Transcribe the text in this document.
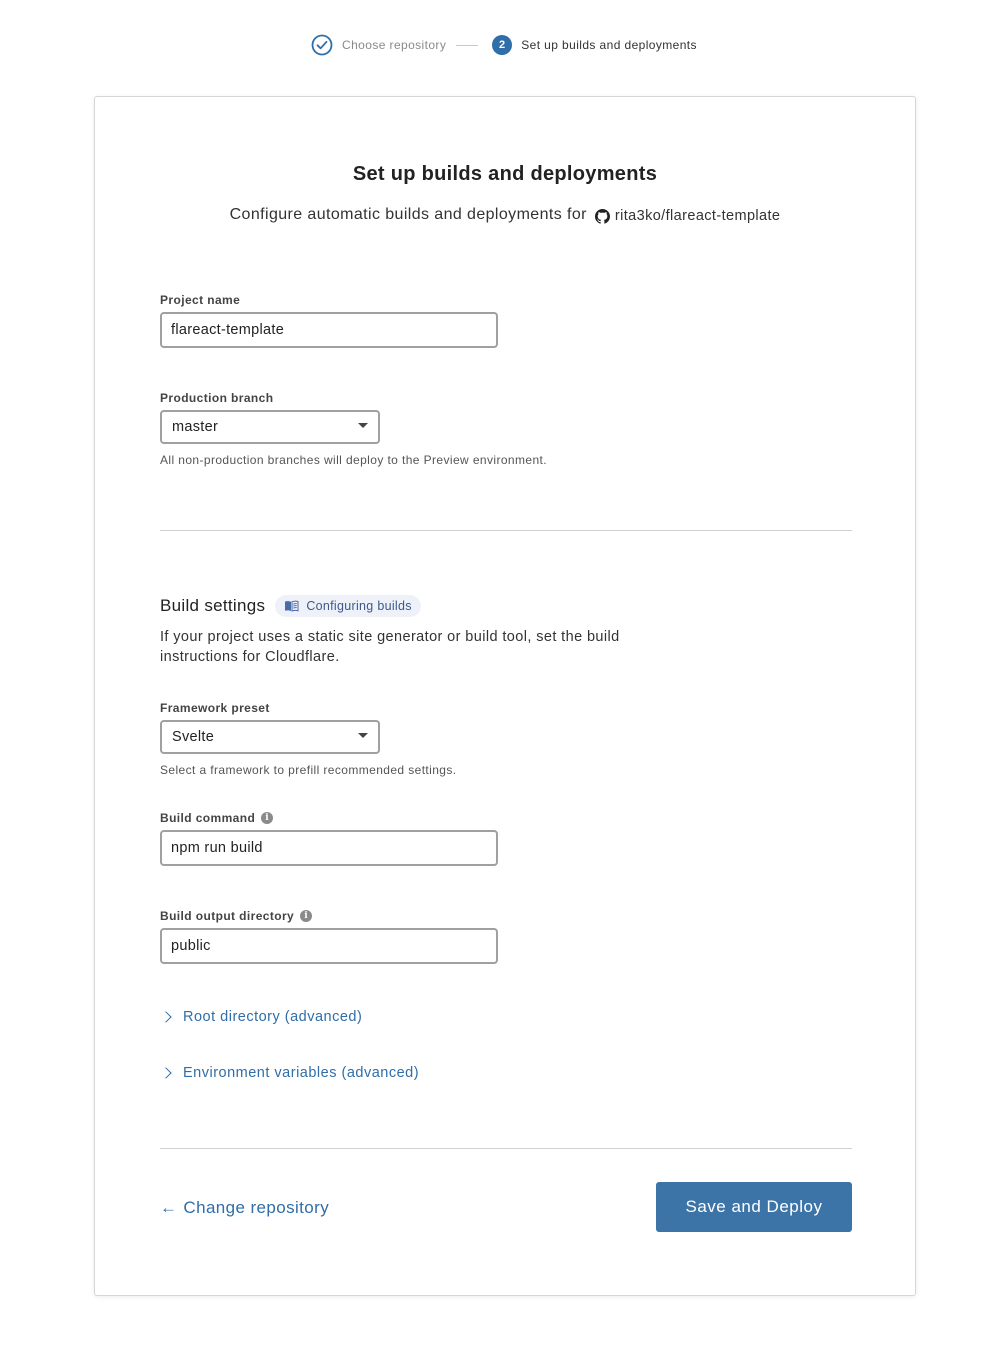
Choose repository	2	Set up builds and deployments
Set up builds and deployments
Configure automatic builds and deployments for rita3ko/flareact-template
Project name
flareact-template
Production branch
master
All non-production branches will deploy to the Preview environment.
Build settings	Configuring builds
If your project uses a static site generator or build tool, set the build instructions for Cloudflare.
Framework preset
Svelte
Select a framework to prefill recommended settings.
Build command	i
npm run build
Build output directory	i
public
Root directory (advanced)
Environment variables (advanced)
← Change repository	Save and Deploy
